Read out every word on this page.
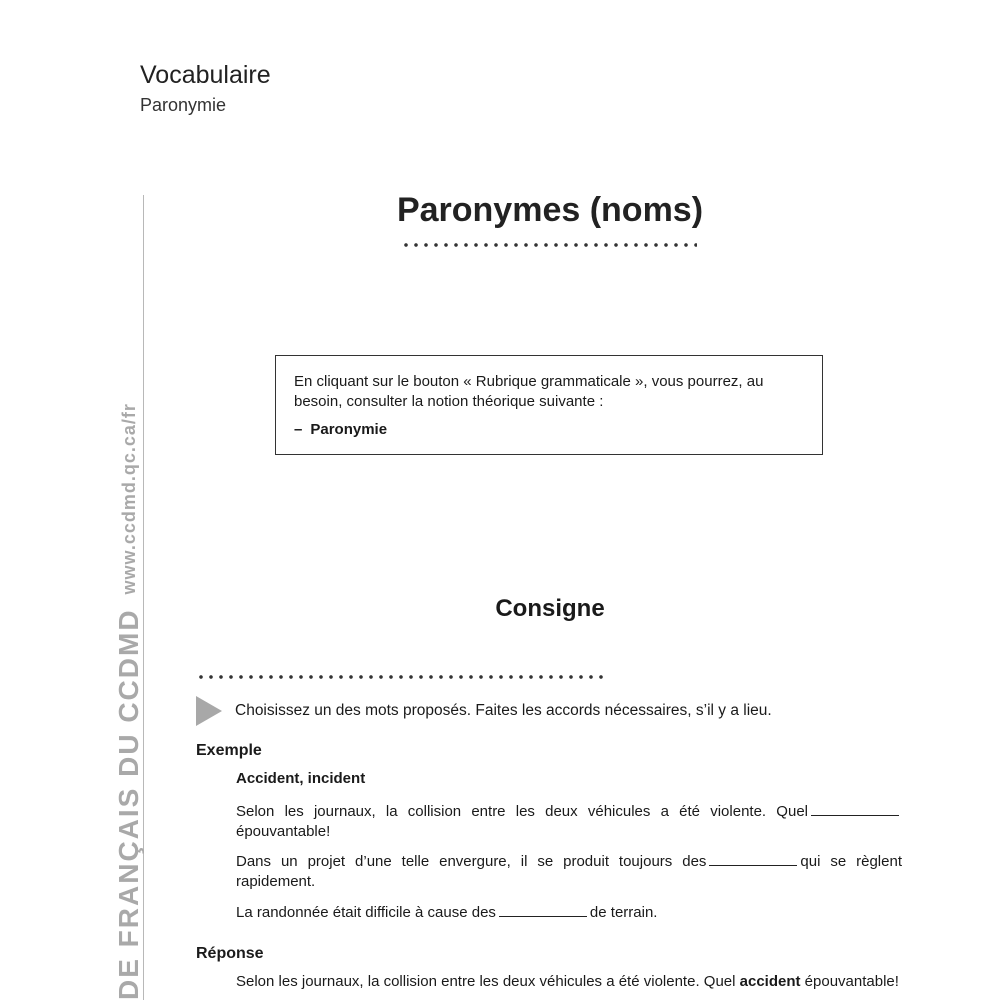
Vocabulaire
Paronymie
www.ccdmd.qc.ca/fr
DE FRANÇAIS DU CCDMD
Paronymes (noms)
En cliquant sur le bouton « Rubrique grammaticale », vous pourrez, au besoin, consulter la notion théorique suivante :
– Paronymie
Consigne
Choisissez un des mots proposés. Faites les accords nécessaires, s’il y a lieu.
Exemple
Accident, incident
Selon les journaux, la collision entre les deux véhicules a été violente. Quelépouvantable!
Dans un projet d’une telle envergure, il se produit toujours des	qui se règlent rapidement.
La randonnée était difficile à cause des	de terrain.
Réponse
Selon les journaux, la collision entre les deux véhicules a été violente. Quel accident épouvantable!
